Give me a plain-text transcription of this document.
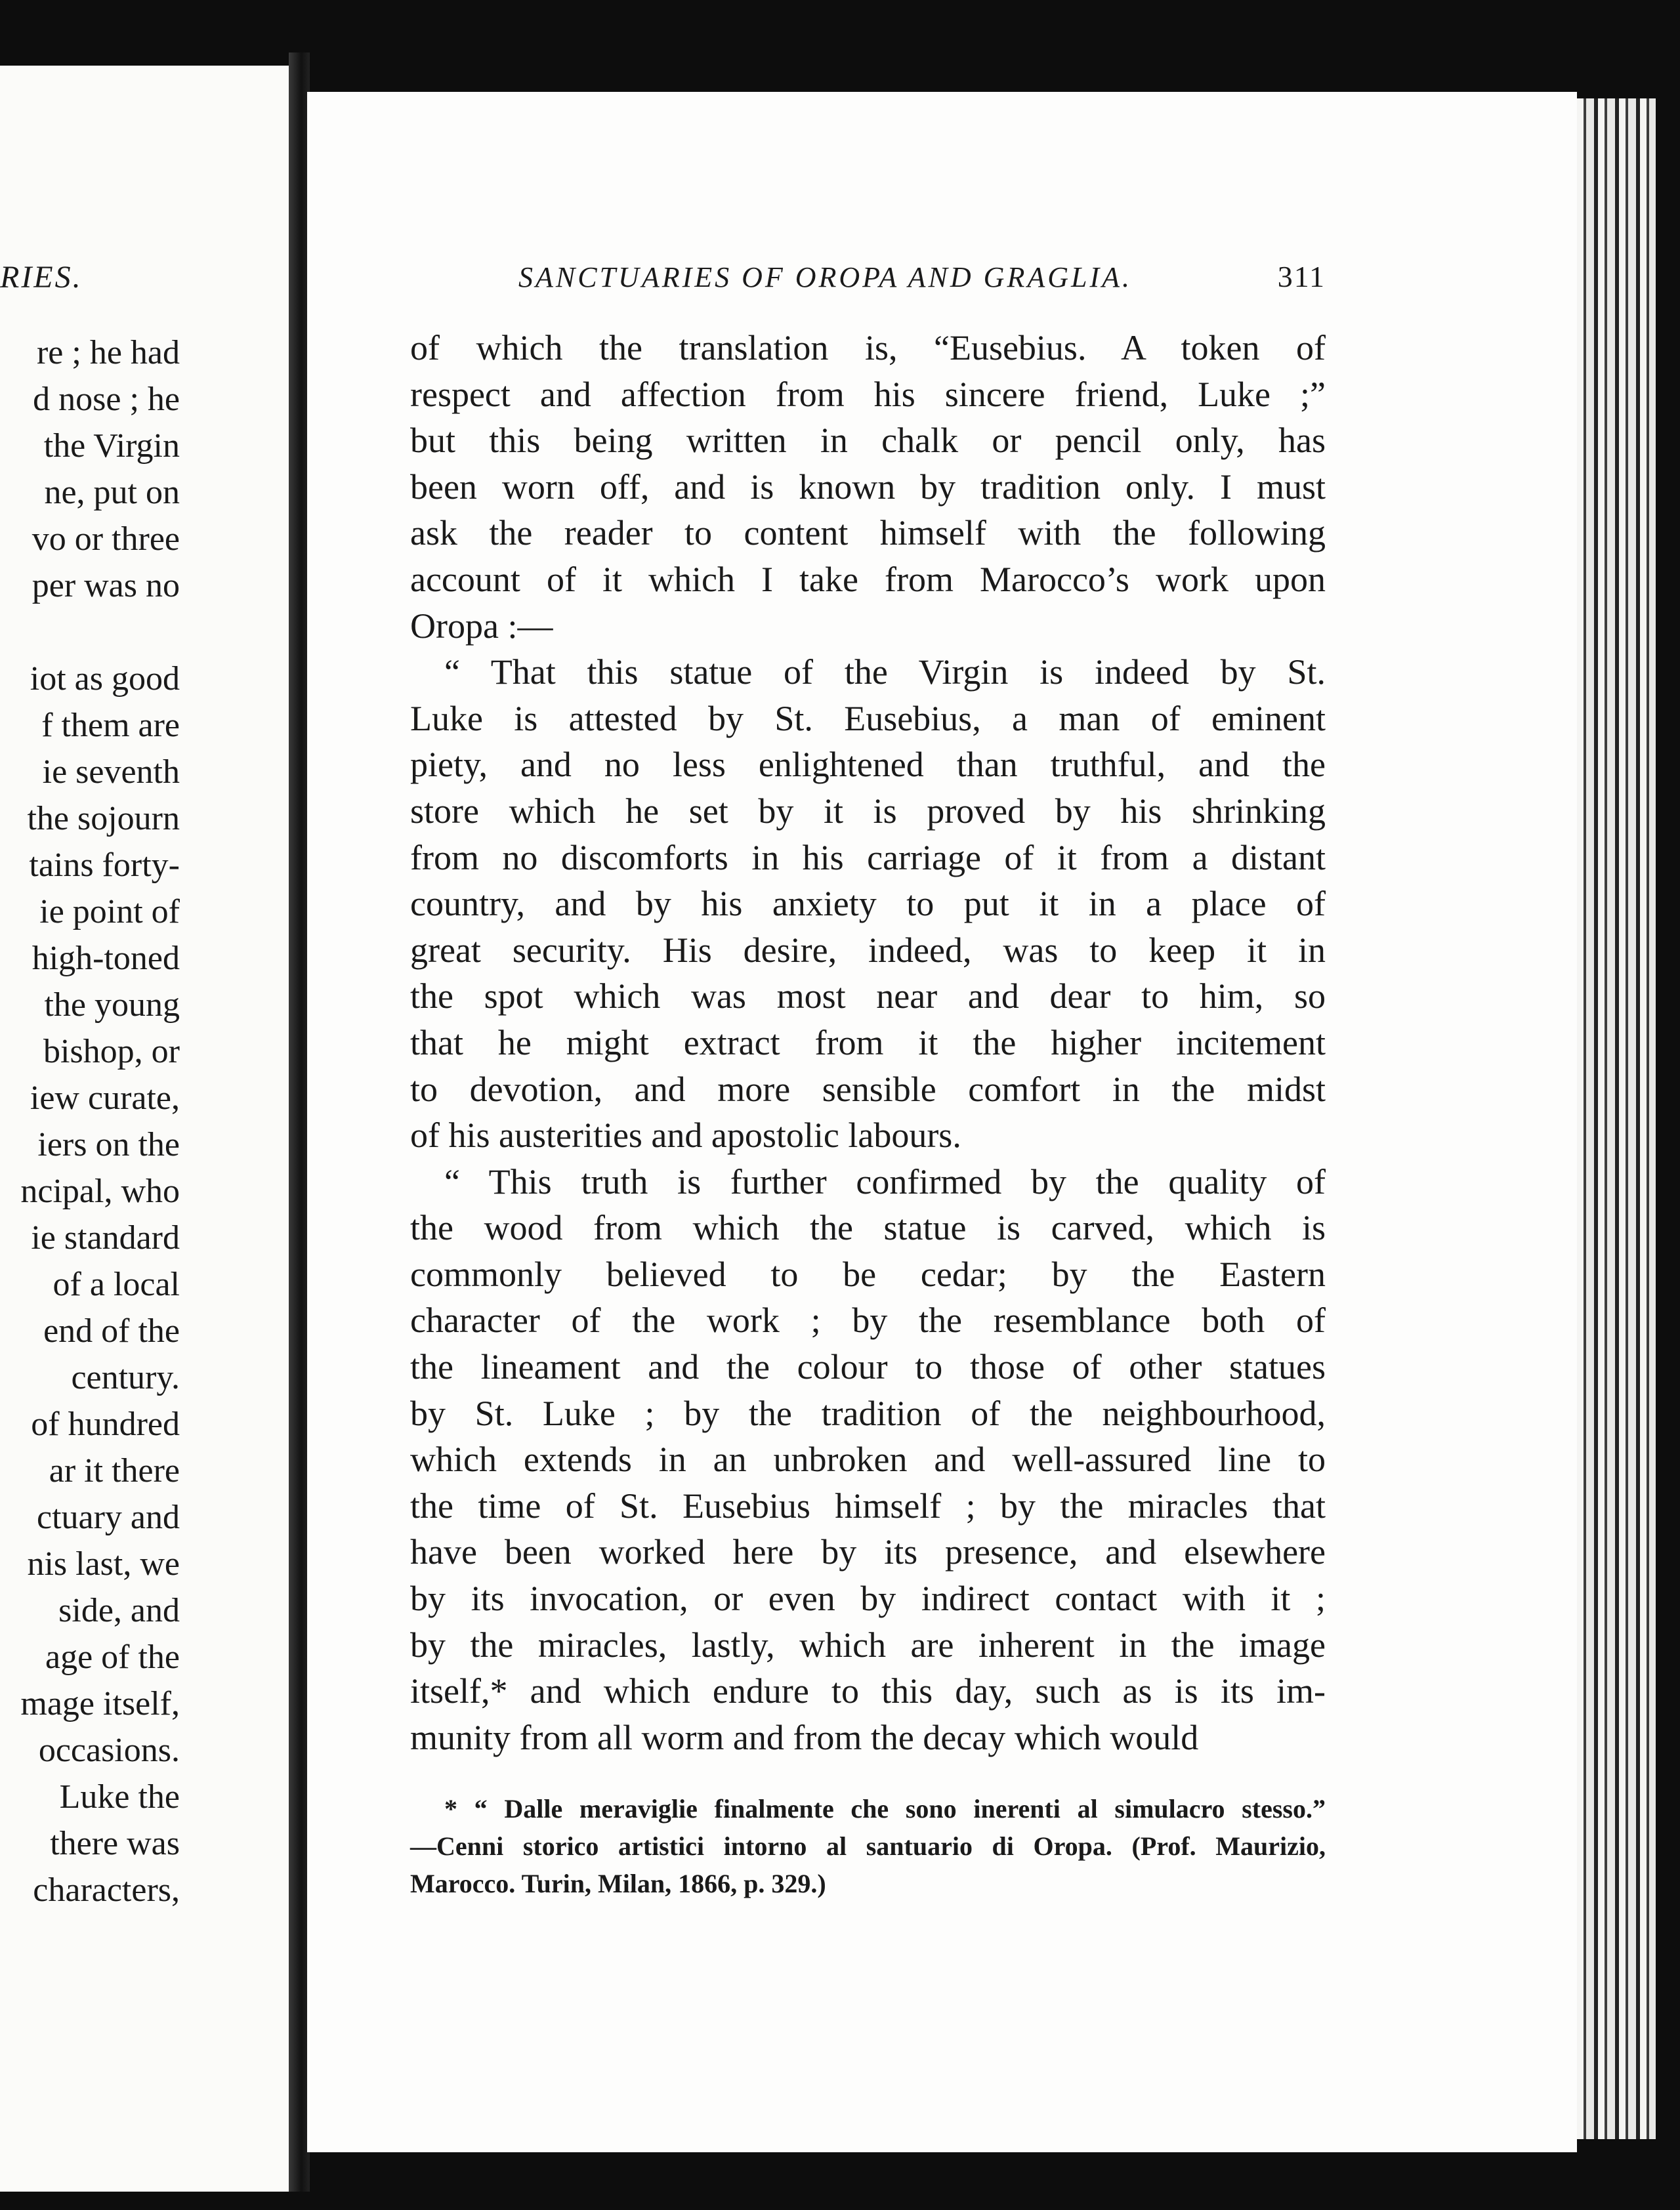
RIES.
re ; he had
d nose ; he
the Virgin
ne, put on
vo or three
per was no

iot as good
f them are
ie seventh
the sojourn
tains forty-
ie point of
high-toned
the young
bishop, or
iew curate,
iers on the
ncipal, who
ie standard
of a local
end of the
century.
of hundred
ar it there
ctuary and
nis last, we
side, and
age of the
mage itself,
occasions.
Luke the
there was
characters,
SANCTUARIES OF OROPA AND GRAGLIA.	311
of which the translation is, “Eusebius. A token of
respect and affection from his sincere friend, Luke ;”
but this being written in chalk or pencil only, has
been worn off, and is known by tradition only. I must
ask the reader to content himself with the following
account of it which I take from Marocco’s work upon
Oropa :—
“ That this statue of the Virgin is indeed by St.
Luke is attested by St. Eusebius, a man of eminent
piety, and no less enlightened than truthful, and the
store which he set by it is proved by his shrinking
from no discomforts in his carriage of it from a distant
country, and by his anxiety to put it in a place of
great security. His desire, indeed, was to keep it in
the spot which was most near and dear to him, so
that he might extract from it the higher incitement
to devotion, and more sensible comfort in the midst
of his austerities and apostolic labours.
“ This truth is further confirmed by the quality of
the wood from which the statue is carved, which is
commonly believed to be cedar; by the Eastern
character of the work ; by the resemblance both of
the lineament and the colour to those of other statues
by St. Luke ; by the tradition of the neighbourhood,
which extends in an unbroken and well-assured line to
the time of St. Eusebius himself ; by the miracles that
have been worked here by its presence, and elsewhere
by its invocation, or even by indirect contact with it ;
by the miracles, lastly, which are inherent in the image
itself,* and which endure to this day, such as is its im-
munity from all worm and from the decay which would
* “ Dalle meraviglie finalmente che sono inerenti al simulacro stesso.”
—Cenni storico artistici intorno al santuario di Oropa. (Prof. Maurizio,
Marocco. Turin, Milan, 1866, p. 329.)
